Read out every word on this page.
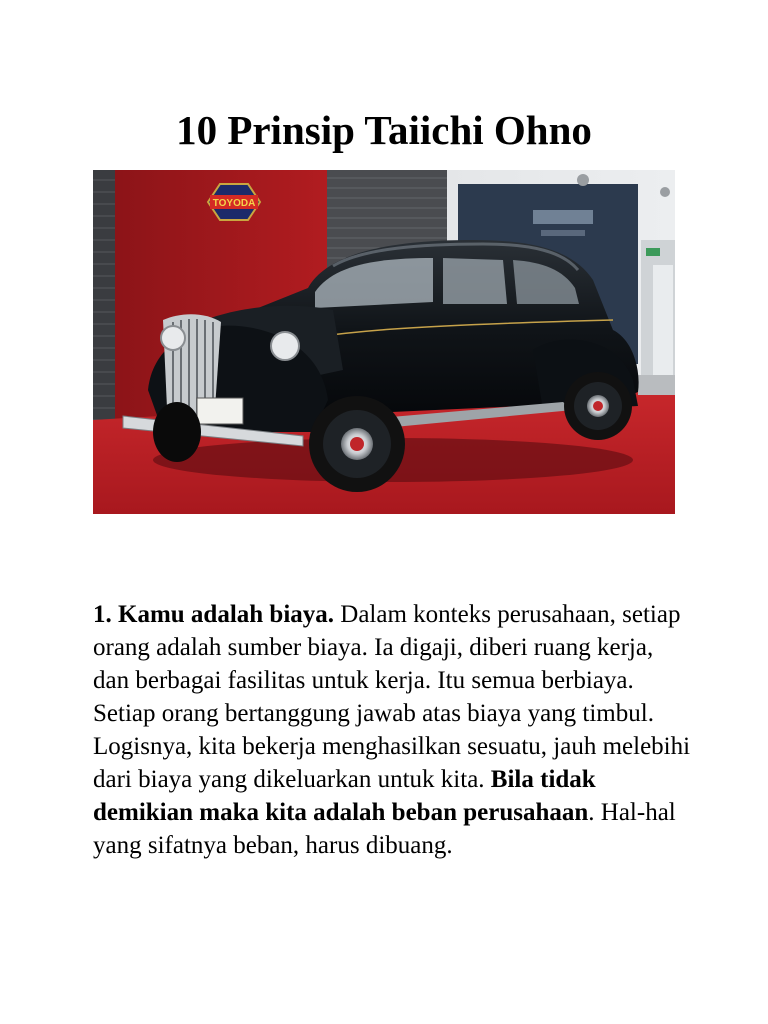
10 Prinsip Taiichi Ohno
TOYODA

1. Kamu adalah biaya. Dalam konteks perusahaan, setiap orang adalah sumber biaya. Ia digaji, diberi ruang kerja, dan berbagai fasilitas untuk kerja. Itu semua berbiaya. Setiap orang bertanggung jawab atas biaya yang timbul. Logisnya, kita bekerja menghasilkan sesuatu, jauh melebihi dari biaya yang dikeluarkan untuk kita. Bila tidak demikian maka kita adalah beban perusahaan. Hal-hal yang sifatnya beban, harus dibuang.
